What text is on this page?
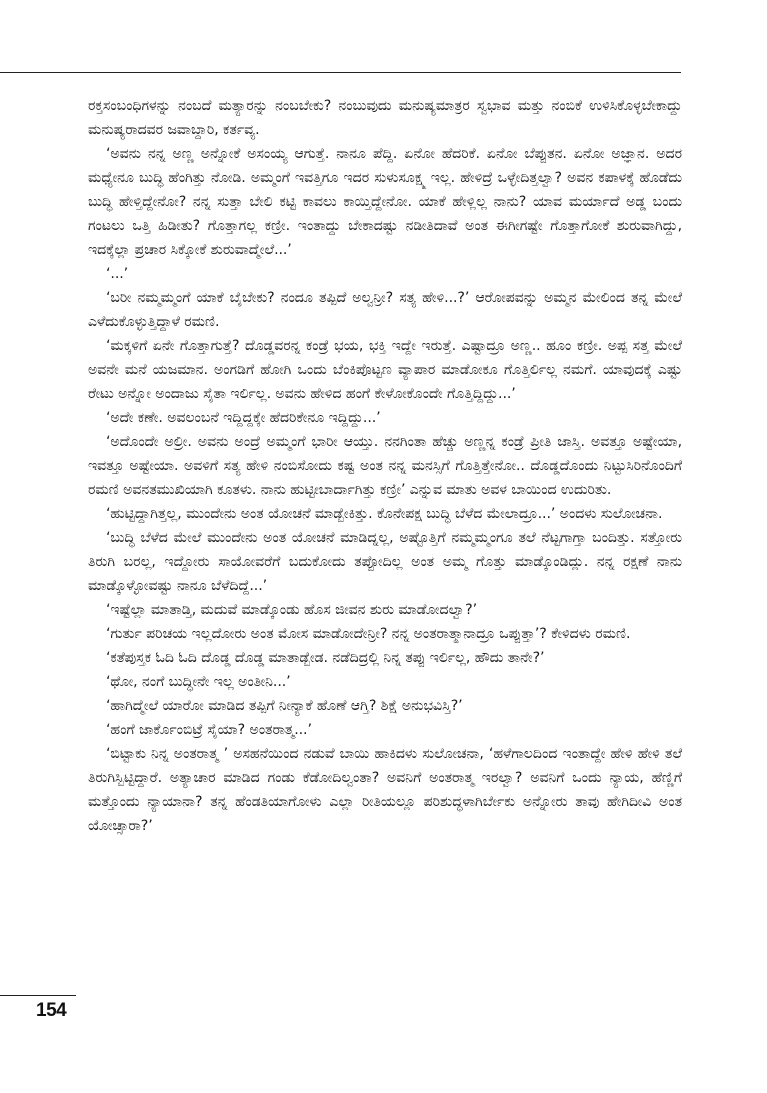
ರಕ್ತಸಂಬಂಧಿಗಳನ್ನು ನಂಬದೆ ಮತ್ಯಾರನ್ನು ನಂಬಬೇಕು? ನಂಬುವುದು ಮನುಷ್ಯಮಾತ್ರರ ಸ್ವಭಾವ ಮತ್ತು ನಂಬಿಕೆ ಉಳಿಸಿಕೊಳ್ಳಬೇಕಾದ್ದು ಮನುಷ್ಯರಾದವರ ಜವಾಬ್ದಾರಿ, ಕರ್ತವ್ಯ.

‘ಅವನು ನನ್ನ ಅಣ್ಣ ಅನ್ನೋಕೆ ಅಸಂಯ್ಯ ಆಗುತ್ತೆ. ನಾನೂ ಪೆದ್ದಿ. ಏನೋ ಹೆದರಿಕೆ. ಏನೋ ಬೆಪ್ಪುತನ. ಏನೋ ಅಜ್ಞಾನ. ಅದರ ಮಧ್ಯೇನೂ ಬುದ್ಧಿ ಹೆಂಗಿತ್ತು ನೋಡಿ. ಅಮ್ಮಂಗೆ ಇವತ್ತಿಗೂ ಇದರ ಸುಳುಸೂಕ್ಷ್ಮ ಇಲ್ಲ. ಹೇಳಿದ್ರೆ ಒಳ್ಳೇದಿತ್ತಲ್ವಾ? ಅವನ ಕಪಾಳಕ್ಕೆ ಹೊಡೆದು ಬುದ್ಧಿ ಹೇಳ್ತಿದ್ದೇನೋ? ನನ್ನ ಸುತ್ತಾ ಬೇಲಿ ಕಟ್ಟಿ ಕಾವಲು ಕಾಯ್ತಿದ್ದೇನೋ. ಯಾಕೆ ಹೇಳ್ಲಿಲ್ಲ ನಾನು? ಯಾವ ಮರ್ಯಾದೆ ಅಡ್ಡ ಬಂದು ಗಂಟಲು ಒತ್ತಿ ಹಿಡೀತು? ಗೊತ್ತಾಗಲ್ಲ ಕಣ್ರೀ. ಇಂತಾದ್ದು ಬೇಕಾದಷ್ಟು ನಡೀತಿದಾವೆ ಅಂತ ಈಗೀಗಷ್ಟೇ ಗೊತ್ತಾಗೋಕೆ ಶುರುವಾಗಿದ್ದು, ಇದಕ್ಕೆಲ್ಲಾ ಪ್ರಚಾರ ಸಿಕ್ಕೋಕೆ ಶುರುವಾದ್ಮೇಲೆ...’

‘...’

‘ಬರೀ ನಮ್ಮಮ್ಮಂಗೆ ಯಾಕೆ ಬೈಬೇಕು? ನಂದೂ ತಪ್ಪಿದೆ ಅಲ್ವನ್ರೀ? ಸತ್ಯ ಹೇಳಿ...?’ ಆರೋಪವನ್ನು ಅಮ್ಮನ ಮೇಲಿಂದ ತನ್ನ ಮೇಲೆ ಎಳೆದುಕೊಳ್ಳುತ್ತಿದ್ದಾಳೆ ರಮಣಿ.

‘ಮಕ್ಕಳಿಗೆ ಏನೇ ಗೊತ್ತಾಗುತ್ತೆ? ದೊಡ್ಡವರನ್ನ ಕಂಡ್ರೆ ಭಯ, ಭಕ್ತಿ ಇದ್ದೇ ಇರುತ್ತೆ. ಎಷ್ಟಾದ್ರೂ ಅಣ್ಣ.. ಹೂಂ ಕಣ್ರೀ. ಅಪ್ಪ ಸತ್ತ ಮೇಲೆ ಅವನೇ ಮನೆ ಯಜಮಾನ. ಅಂಗಡಿಗೆ ಹೋಗಿ ಒಂದು ಬೆಂಕಿಪೊಟ್ಟಣ ವ್ಯಾಪಾರ ಮಾಡೋಕೂ ಗೊತ್ತಿರ್ಲಿಲ್ಲ ನಮಗೆ. ಯಾವುದಕ್ಕೆ ಎಷ್ಟು ರೇಟು ಅನ್ನೋ ಅಂದಾಜು ಸೈತಾ ಇರ್ಲಿಲ್ಲ. ಅವನು ಹೇಳಿದ ಹಂಗೆ ಕೇಳೋಕೊಂದೇ ಗೊತ್ತಿದ್ದಿದ್ದು...’

‘ಅದೇ ಕಣೇ. ಅವಲಂಬನೆ ಇದ್ದಿದ್ದಕ್ಕೇ ಹೆದರಿಕೇನೂ ಇದ್ದಿದ್ದು...’

‘ಅದೊಂದೇ ಅಲ್ರೀ. ಅವನು ಅಂದ್ರೆ ಅಮ್ಮಂಗೆ ಭಾರೀ ಆಯ್ತು. ನನಗಿಂತಾ ಹೆಚ್ಚು ಅಣ್ಣನ್ನ ಕಂಡ್ರೆ ಪ್ರೀತಿ ಜಾಸ್ತಿ. ಅವತ್ತೂ ಅಷ್ಟೇಯಾ, ಇವತ್ತೂ ಅಷ್ಟೇಯಾ. ಅವಳಿಗೆ ಸತ್ಯ ಹೇಳಿ ನಂಬಿಸೋದು ಕಷ್ಟ ಅಂತ ನನ್ನ ಮನಸ್ಸಿಗೆ ಗೊತ್ತಿತ್ತೇನೋ.. ದೊಡ್ಡದೊಂದು ನಿಟ್ಟುಸಿರಿನೊಂದಿಗೆ ರಮಣಿ ಅವನತಮುಖಿಯಾಗಿ ಕೂತಳು. ನಾನು ಹುಟ್ಟೀಬಾರ್ದಾಗಿತ್ತು ಕಣ್ರೀ’ ಎನ್ನುವ ಮಾತು ಅವಳ ಬಾಯಿಂದ ಉದುರಿತು.

‘ಹುಟ್ಟಿದ್ದಾಗಿತ್ತಲ್ಲ, ಮುಂದೇನು ಅಂತ ಯೋಚನೆ ಮಾಡ್ಬೇಕಿತ್ತು. ಕೊನೇಪಕ್ಷ ಬುದ್ಧಿ ಬೆಳೆದ ಮೇಲಾದ್ರೂ...’ ಅಂದಳು ಸುಲೋಚನಾ.

‘ಬುದ್ಧಿ ಬೆಳೆದ ಮೇಲೆ ಮುಂದೇನು ಅಂತ ಯೋಚನೆ ಮಾಡಿದ್ನಲ್ಲ, ಅಷ್ಟೊತ್ತಿಗೆ ನಮ್ಮಮ್ಮಂಗೂ ತಲೆ ನೆಟ್ಟಗಾಗ್ತಾ ಬಂದಿತ್ತು. ಸತ್ತೋರು ತಿರುಗಿ ಬರಲ್ಲ, ಇದ್ದೋರು ಸಾಯೋವರೆಗೆ ಬದುಕೋದು ತಪ್ಪೋದಿಲ್ಲ ಅಂತ ಅಮ್ಮ ಗೊತ್ತು ಮಾಡ್ಕೊಂಡಿದ್ಲು. ನನ್ನ ರಕ್ಷಣೆ ನಾನು ಮಾಡ್ಕೊಳ್ಳೋವಷ್ಟು ನಾನೂ ಬೆಳೆದಿದ್ದೆ...’

‘ಇಷ್ಟೆಲ್ಲಾ ಮಾತಾಡ್ತಿ, ಮದುವೆ ಮಾಡ್ಕೊಂಡು ಹೊಸ ಜೀವನ ಶುರು ಮಾಡೋದಲ್ವಾ?’

‘ಗುರ್ತು ಪರಿಚಯ ಇಲ್ಲದೋರು ಅಂತ ಮೋಸ ಮಾಡೋದೇನ್ರೀ? ನನ್ನ ಅಂತರಾತ್ಮಾನಾದ್ರೂ ಒಪ್ಪುತ್ತಾ’? ಕೇಳಿದಳು ರಮಣಿ.

‘ಕತೆಪುಸ್ತಕ ಓದಿ ಓದಿ ದೊಡ್ಡ ದೊಡ್ಡ ಮಾತಾಡ್ಬೇಡ. ನಡೆದಿದ್ರಲ್ಲಿ ನಿನ್ನ ತಪ್ಪು ಇರ್ಲಿಲ್ಲ, ಹೌದು ತಾನೇ?’

‘ಥೋ, ನಂಗೆ ಬುದ್ಧೀನೇ ಇಲ್ಲ ಅಂತೀನಿ...’

‘ಹಾಗಿದ್ಮೇಲೆ ಯಾರೋ ಮಾಡಿದ ತಪ್ಪಿಗೆ ನೀನ್ಯಾಕೆ ಹೊಣೆ ಆಗ್ತಿ? ಶಿಕ್ಷೆ ಅನುಭವಿಸ್ತಿ?’

‘ಹಂಗೆ ಜಾರ್ಕೊಂಬಿಟ್ರೆ ಸೈಯಾ? ಅಂತರಾತ್ಮ...’

‘ಬಿಟ್ಟಾಕು ನಿನ್ನ ಅಂತರಾತ್ಮ ’ ಅಸಹನೆಯಿಂದ ನಡುವೆ ಬಾಯಿ ಹಾಕಿದಳು ಸುಲೋಚನಾ, ‘ಹಳೆಗಾಲದಿಂದ ಇಂತಾದ್ದೇ ಹೇಳಿ ಹೇಳಿ ತಲೆ ತಿರುಗಿಸ್ಬಿಟ್ಟಿದ್ದಾರೆ. ಅತ್ಯಾಚಾರ ಮಾಡಿದ ಗಂಡು ಕೆಡೋದಿಲ್ವಂತಾ? ಅವನಿಗೆ ಅಂತರಾತ್ಮ ಇರಲ್ವಾ? ಅವನಿಗೆ ಒಂದು ನ್ಯಾಯ, ಹೆಣ್ಣಿಗೆ ಮತ್ತೊಂದು ನ್ಯಾಯಾನಾ? ತನ್ನ ಹೆಂಡತಿಯಾಗೋಳು ಎಲ್ಲಾ ರೀತಿಯಲ್ಲೂ ಪರಿಶುದ್ಧಳಾಗಿರ್ಬೇಕು ಅನ್ನೋರು ತಾವು ಹೇಗಿದೀವಿ ಅಂತ ಯೋಚ್ಸಾರಾ?’

154
